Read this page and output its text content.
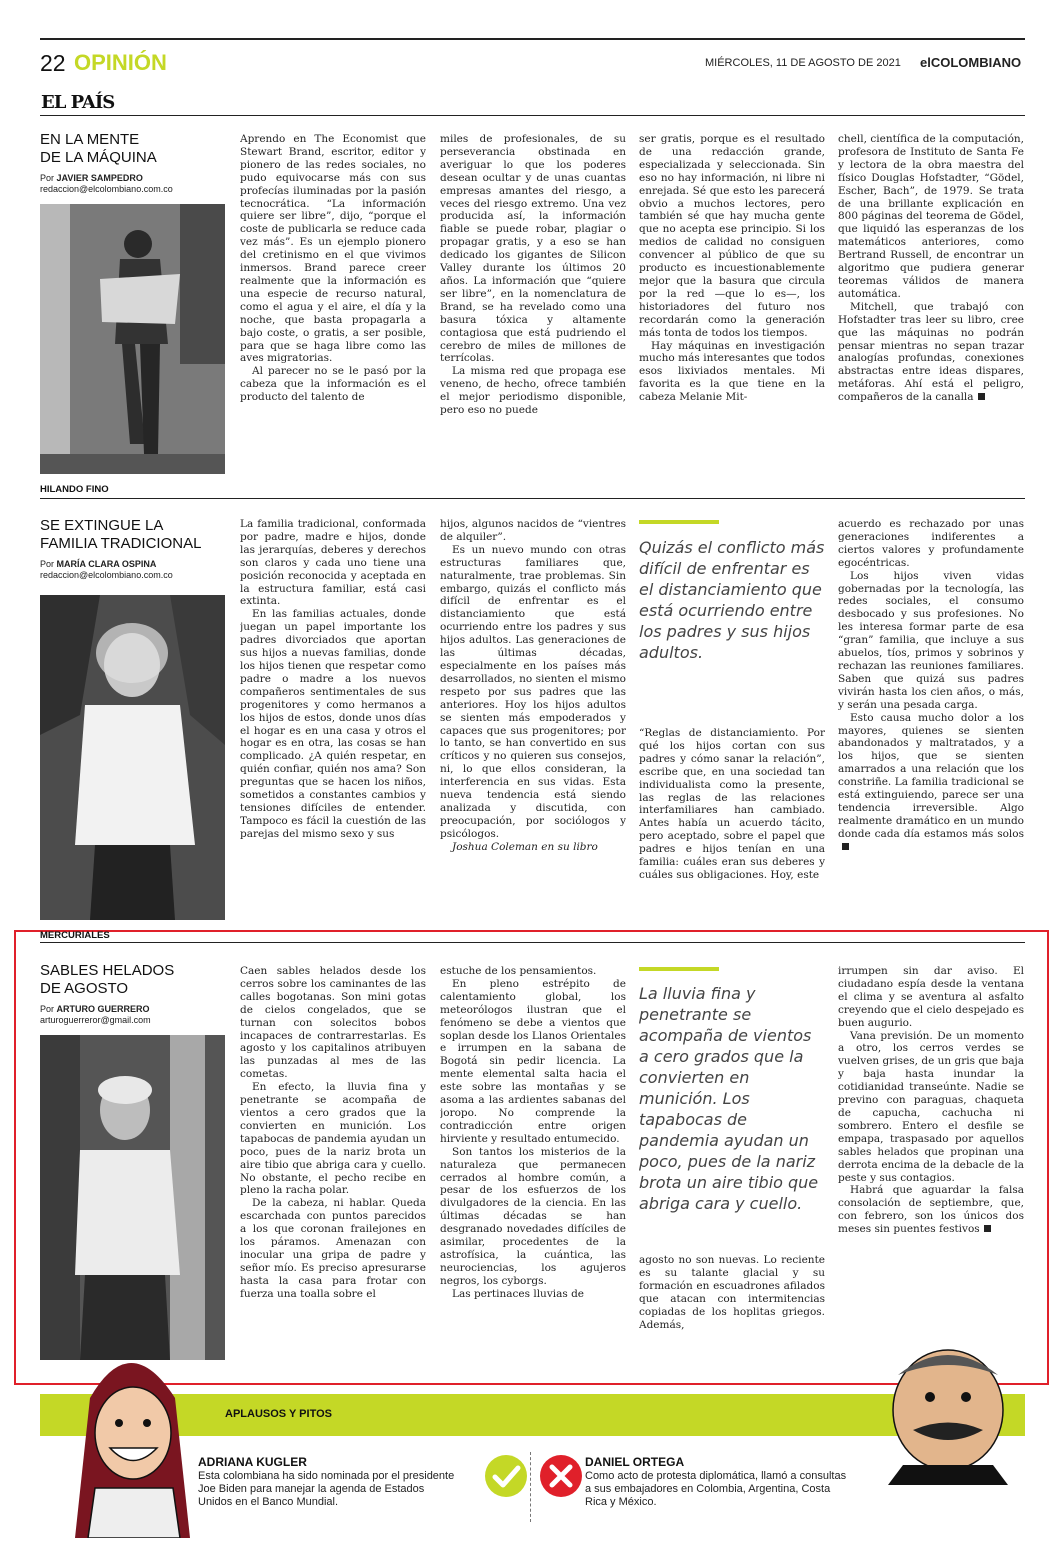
22 OPINIÓN	MIÉRCOLES, 11 DE AGOSTO DE 2021 elCOLOMBIANO
EL PAÍS
EN LA MENTE
DE LA MÁQUINA
Por JAVIER SAMPEDRO
redaccion@elcolombiano.com.co

Aprendo en The Economist que Stewart Brand, escritor, editor y pionero de las redes sociales, no pudo equivocarse más con sus profecías iluminadas por la pasión tecnocrática. “La información quiere ser libre”, dijo, “porque el coste de publicarla se reduce cada vez más”. Es un ejemplo pionero del cretinismo en el que vivimos inmersos. Brand parece creer realmente que la información es una especie de recurso natural, como el agua y el aire, el día y la noche, que basta propagarla a bajo coste, o gratis, a ser posible, para que se haga libre como las aves migratorias.

Al parecer no se le pasó por la cabeza que la información es el producto del talento de

miles de profesionales, de su perseverancia obstinada en averiguar lo que los poderes desean ocultar y de unas cuantas empresas amantes del riesgo, a veces del riesgo extremo. Una vez producida así, la información fiable se puede robar, plagiar o propagar gratis, y a eso se han dedicado los gigantes de Silicon Valley durante los últimos 20 años. La información que “quiere ser libre”, en la nomenclatura de Brand, se ha revelado como una basura tóxica y altamente contagiosa que está pudriendo el cerebro de miles de millones de terrícolas.

La misma red que propaga ese veneno, de hecho, ofrece también el mejor periodismo disponible, pero eso no puede

ser gratis, porque es el resultado de una redacción grande, especializada y seleccionada. Sin eso no hay información, ni libre ni enrejada. Sé que esto les parecerá obvio a muchos lectores, pero también sé que hay mucha gente que no acepta ese principio. Si los medios de calidad no consiguen convencer al público de que su producto es incuestionablemente mejor que la basura que circula por la red —que lo es—, los historiadores del futuro nos recordarán como la generación más tonta de todos los tiempos.

Hay máquinas en investigación mucho más interesantes que todos esos lixiviados mentales. Mi favorita es la que tiene en la cabeza Melanie Mit-

chell, científica de la computación, profesora de Instituto de Santa Fe y lectora de la obra maestra del físico Douglas Hofstadter, “Gödel, Escher, Bach”, de 1979. Se trata de una brillante explicación en 800 páginas del teorema de Gödel, que liquidó las esperanzas de los matemáticos anteriores, como Bertrand Russell, de encontrar un algoritmo que pudiera generar teoremas válidos de manera automática.

Mitchell, que trabajó con Hofstadter tras leer su libro, cree que las máquinas no podrán pensar mientras no sepan trazar analogías profundas, conexiones abstractas entre ideas dispares, metáforas. Ahí está el peligro, compañeros de la canalla

HILANDO FINO
SE EXTINGUE LA
FAMILIA TRADICIONAL
Por MARÍA CLARA OSPINA
redaccion@elcolombiano.com.co

La familia tradicional, conformada por padre, madre e hijos, donde las jerarquías, deberes y derechos son claros y cada uno tiene una posición reconocida y aceptada en la estructura familiar, está casi extinta.

En las familias actuales, donde juegan un papel importante los padres divorciados que aportan sus hijos a nuevas familias, donde los hijos tienen que respetar como padre o madre a los nuevos compañeros sentimentales de sus progenitores y como hermanos a los hijos de estos, donde unos días el hogar es en una casa y otros el hogar es en otra, las cosas se han complicado. ¿A quién respetar, en quién confiar, quién nos ama? Son preguntas que se hacen los niños, sometidos a constantes cambios y tensiones difíciles de entender. Tampoco es fácil la cuestión de las parejas del mismo sexo y sus

hijos, algunos nacidos de “vientres de alquiler”.

Es un nuevo mundo con otras estructuras familiares que, naturalmente, trae problemas. Sin embargo, quizás el conflicto más difícil de enfrentar es el distanciamiento que está ocurriendo entre los padres y sus hijos adultos. Las generaciones de las últimas décadas, especialmente en los países más desarrollados, no sienten el mismo respeto por sus padres que las anteriores. Hoy los hijos adultos se sienten más empoderados y capaces que sus progenitores; por lo tanto, se han convertido en sus críticos y no quieren sus consejos, ni, lo que ellos consideran, la interferencia en sus vidas. Esta nueva tendencia está siendo analizada y discutida, con preocupación, por sociólogos y psicólogos.

Joshua Coleman en su libro

Quizás el conflicto más difícil de enfrentar es el distanciamiento que está ocurriendo entre los padres y sus hijos adultos.

“Reglas de distanciamiento. Por qué los hijos cortan con sus padres y cómo sanar la relación”, escribe que, en una sociedad tan individualista como la presente, las reglas de las relaciones interfamiliares han cambiado. Antes había un acuerdo tácito, pero aceptado, sobre el papel que padres e hijos tenían en una familia: cuáles eran sus deberes y cuáles sus obligaciones. Hoy, este

acuerdo es rechazado por unas generaciones indiferentes a ciertos valores y profundamente egocéntricas.

Los hijos viven vidas gobernadas por la tecnología, las redes sociales, el consumo desbocado y sus profesiones. No les interesa formar parte de esa “gran” familia, que incluye a sus abuelos, tíos, primos y sobrinos y rechazan las reuniones familiares. Saben que quizá sus padres vivirán hasta los cien años, o más, y serán una pesada carga.

Esto causa mucho dolor a los mayores, quienes se sienten abandonados y maltratados, y a los hijos, que se sienten amarrados a una relación que los constriñe. La familia tradicional se está extinguiendo, parece ser una tendencia irreversible. Algo realmente dramático en un mundo donde cada día estamos más solos

MERCURIALES
SABLES HELADOS
DE AGOSTO
Por ARTURO GUERRERO
arturoguerreror@gmail.com

Caen sables helados desde los cerros sobre los caminantes de las calles bogotanas. Son mini gotas de cielos congelados, que se turnan con solecitos bobos incapaces de contrarrestarlas. Es agosto y los capitalinos atribuyen las punzadas al mes de las cometas.

En efecto, la lluvia fina y penetrante se acompaña de vientos a cero grados que la convierten en munición. Los tapabocas de pandemia ayudan un poco, pues de la nariz brota un aire tibio que abriga cara y cuello. No obstante, el pecho recibe en pleno la racha polar.

De la cabeza, ni hablar. Queda escarchada con puntos parecidos a los que coronan frailejones en los páramos. Amenazan con inocular una gripa de padre y señor mío. Es preciso apresurarse hasta la casa para frotar con fuerza una toalla sobre el

estuche de los pensamientos.

En pleno estrépito de calentamiento global, los meteorólogos ilustran que el fenómeno se debe a vientos que soplan desde los Llanos Orientales e irrumpen en la sabana de Bogotá sin pedir licencia. La mente elemental salta hacia el este sobre las montañas y se asoma a las ardientes sabanas del joropo. No comprende la contradicción entre origen hirviente y resultado entumecido.

Son tantos los misterios de la naturaleza que permanecen cerrados al hombre común, a pesar de los esfuerzos de los divulgadores de la ciencia. En las últimas décadas se han desgranado novedades difíciles de asimilar, procedentes de la astrofísica, la cuántica, las neurociencias, los agujeros negros, los cyborgs.

Las pertinaces lluvias de

La lluvia fina y penetrante se acompaña de vientos a cero grados que la convierten en munición. Los tapabocas de pandemia ayudan un poco, pues de la nariz brota un aire tibio que abriga cara y cuello.

agosto no son nuevas. Lo reciente es su talante glacial y su formación en escuadrones afilados que atacan con intermitencias copiadas de los hoplitas griegos. Además,

irrumpen sin dar aviso. El ciudadano espía desde la ventana el clima y se aventura al asfalto creyendo que el cielo despejado es buen augurio.

Vana previsión. De un momento a otro, los cerros verdes se vuelven grises, de un gris que baja y baja hasta inundar la cotidianidad transeúnte. Nadie se previno con paraguas, chaqueta de capucha, cachucha ni sombrero. Entero el desfile se empapa, traspasado por aquellos sables helados que propinan una derrota encima de la debacle de la peste y sus contagios.

Habrá que aguardar la falsa consolación de septiembre, que, con febrero, son los únicos dos meses sin puentes festivos

APLAUSOS Y PITOS
ADRIANA KUGLER
Esta colombiana ha sido nominada por el presidente Joe Biden para manejar la agenda de Estados Unidos en el Banco Mundial.
DANIEL ORTEGA
Como acto de protesta diplomática, llamó a consultas a sus embajadores en Colombia, Argentina, Costa Rica y México.
